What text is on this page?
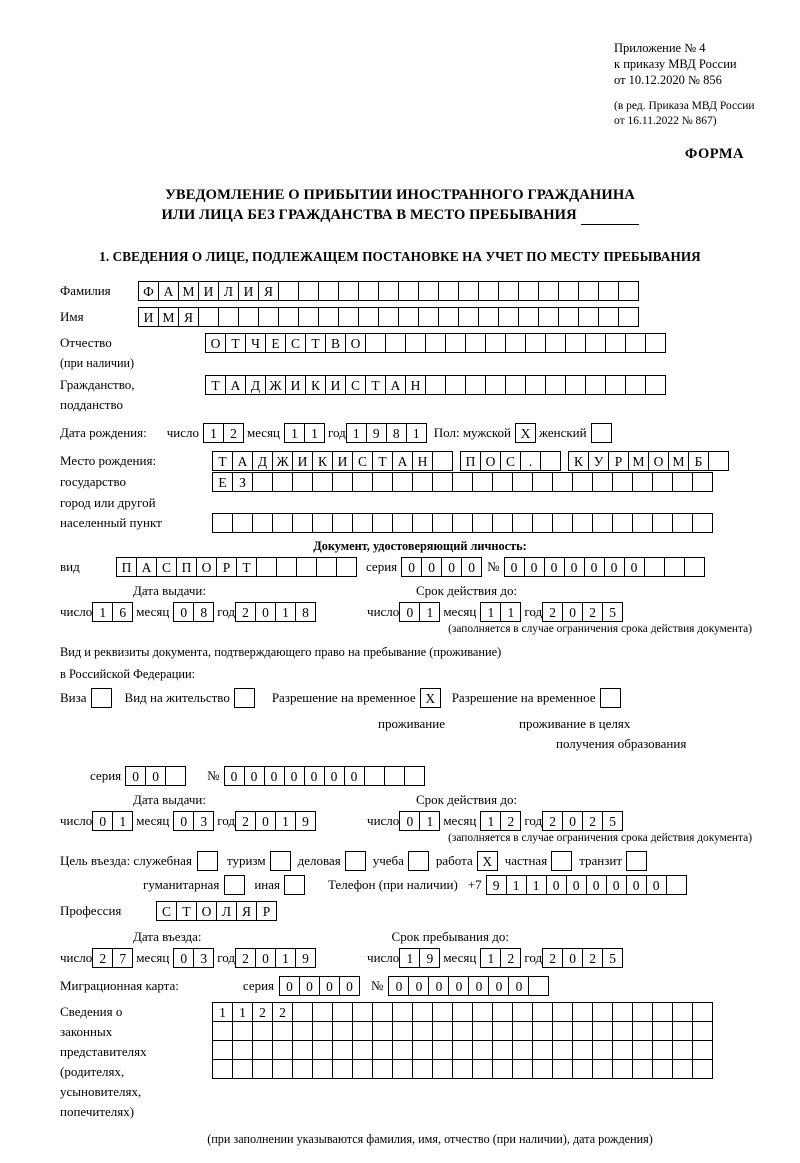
Приложение № 4
к приказу МВД России
от 10.12.2020 № 856
(в ред. Приказа МВД России
от 16.11.2022 № 867)
ФОРМА
УВЕДОМЛЕНИЕ О ПРИБЫТИИ ИНОСТРАННОГО ГРАЖДАНИНА
ИЛИ ЛИЦА БЕЗ ГРАЖДАНСТВА В МЕСТО ПРЕБЫВАНИЯ
1. СВЕДЕНИЯ О ЛИЦЕ, ПОДЛЕЖАЩЕМ ПОСТАНОВКЕ НА УЧЕТ ПО МЕСТУ ПРЕБЫВАНИЯ
Фамилия	Ф А М И Л И Я
Имя	И М Я
Отчество
(при наличии)
О Т Ч Е С Т В О
Гражданство,
подданство
Т А Д Ж И К И С Т А Н
Дата рождения:	число 1 2 месяц 1 1 год 1 9 8 1	Пол: мужской X женский
Место рождения:	Т А Д Ж И К И С Т А Н	П О С	.	К У Р М О М Б
государство	Е З
город или другой
населенный пункт
Документ, удостоверяющий личность:
вид	П А С П О Р Т	серия 0 0 0 0 № 0 0 0 0 0 0 0
Дата выдачи:	Срок действия до:
число 1 6 месяц 0 8 год 2 0 1 8	число 0 1 месяц 1 1 год 2 0 2 5
(заполняется в случае ограничения срока действия документа)
Вид и реквизиты документа, подтверждающего право на пребывание (проживание)
в Российской Федерации:
Виза	Вид на жительство	Разрешение на временное X	Разрешение на временное
проживание	проживание в целях
получения образования
серия 0 0	№ 0 0 0 0 0 0 0
Дата выдачи:	Срок действия до:
число 0 1 месяц 0 3 год 2 0 1 9	число 0 1 месяц 1 2 год 2 0 2 5
(заполняется в случае ограничения срока действия документа)
Цель въезда: служебная	туризм	деловая	учеба	работа X частная	транзит
гуманитарная	иная	Телефон (при наличии) +7 9 1 1 0 0 0 0 0 0
Профессия	С Т О Л Я Р
Дата въезда:	Срок пребывания до:
число 2 7 месяц 0 3 год 2 0 1 9	число 1 9 месяц 1 2 год 2 0 2 5
Миграционная карта:	серия 0 0 0 0	№ 0 0 0 0 0 0 0
Сведения о
законных
представителях
(родителях,
усыновителях,
попечителях)
1 1 2 2
(при заполнении указываются фамилия, имя, отчество (при наличии), дата рождения)
